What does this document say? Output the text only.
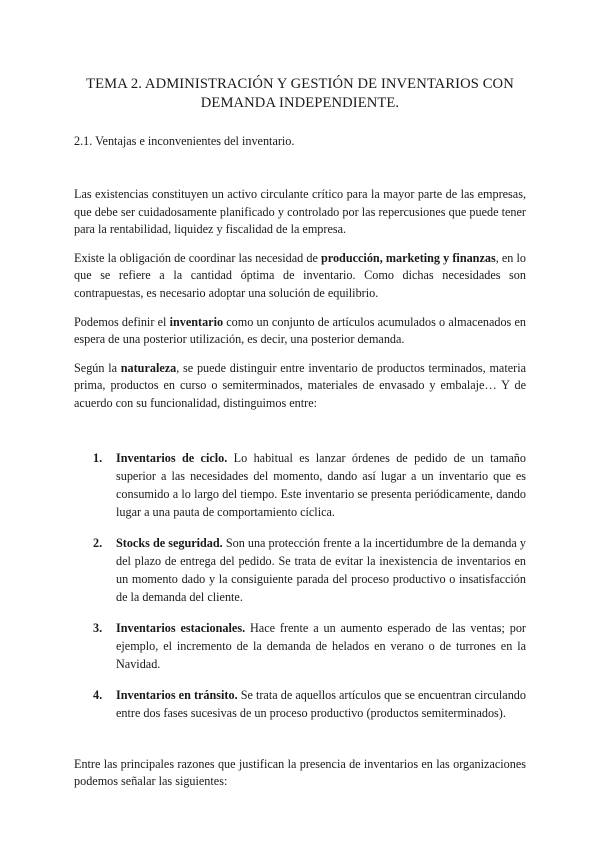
TEMA 2. ADMINISTRACIÓN Y GESTIÓN DE INVENTARIOS CON DEMANDA INDEPENDIENTE.
2.1. Ventajas e inconvenientes del inventario.

Las existencias constituyen un activo circulante crítico para la mayor parte de las empresas, que debe ser cuidadosamente planificado y controlado por las repercusiones que puede tener para la rentabilidad, liquidez y fiscalidad de la empresa.

Existe la obligación de coordinar las necesidad de producción, marketing y finanzas, en lo que se refiere a la cantidad óptima de inventario. Como dichas necesidades son contrapuestas, es necesario adoptar una solución de equilibrio.

Podemos definir el inventario como un conjunto de artículos acumulados o almacenados en espera de una posterior utilización, es decir, una posterior demanda.

Según la naturaleza, se puede distinguir entre inventario de productos terminados, materia prima, productos en curso o semiterminados, materiales de envasado y embalaje… Y de acuerdo con su funcionalidad, distinguimos entre:

1. Inventarios de ciclo. Lo habitual es lanzar órdenes de pedido de un tamaño superior a las necesidades del momento, dando así lugar a un inventario que es consumido a lo largo del tiempo. Este inventario se presenta periódicamente, dando lugar a una pauta de comportamiento cíclica.
2. Stocks de seguridad. Son una protección frente a la incertidumbre de la demanda y del plazo de entrega del pedido. Se trata de evitar la inexistencia de inventarios en un momento dado y la consiguiente parada del proceso productivo o insatisfacción de la demanda del cliente.
3. Inventarios estacionales. Hace frente a un aumento esperado de las ventas; por ejemplo, el incremento de la demanda de helados en verano o de turrones en la Navidad.
4. Inventarios en tránsito. Se trata de aquellos artículos que se encuentran circulando entre dos fases sucesivas de un proceso productivo (productos semiterminados).

Entre las principales razones que justifican la presencia de inventarios en las organizaciones podemos señalar las siguientes:
